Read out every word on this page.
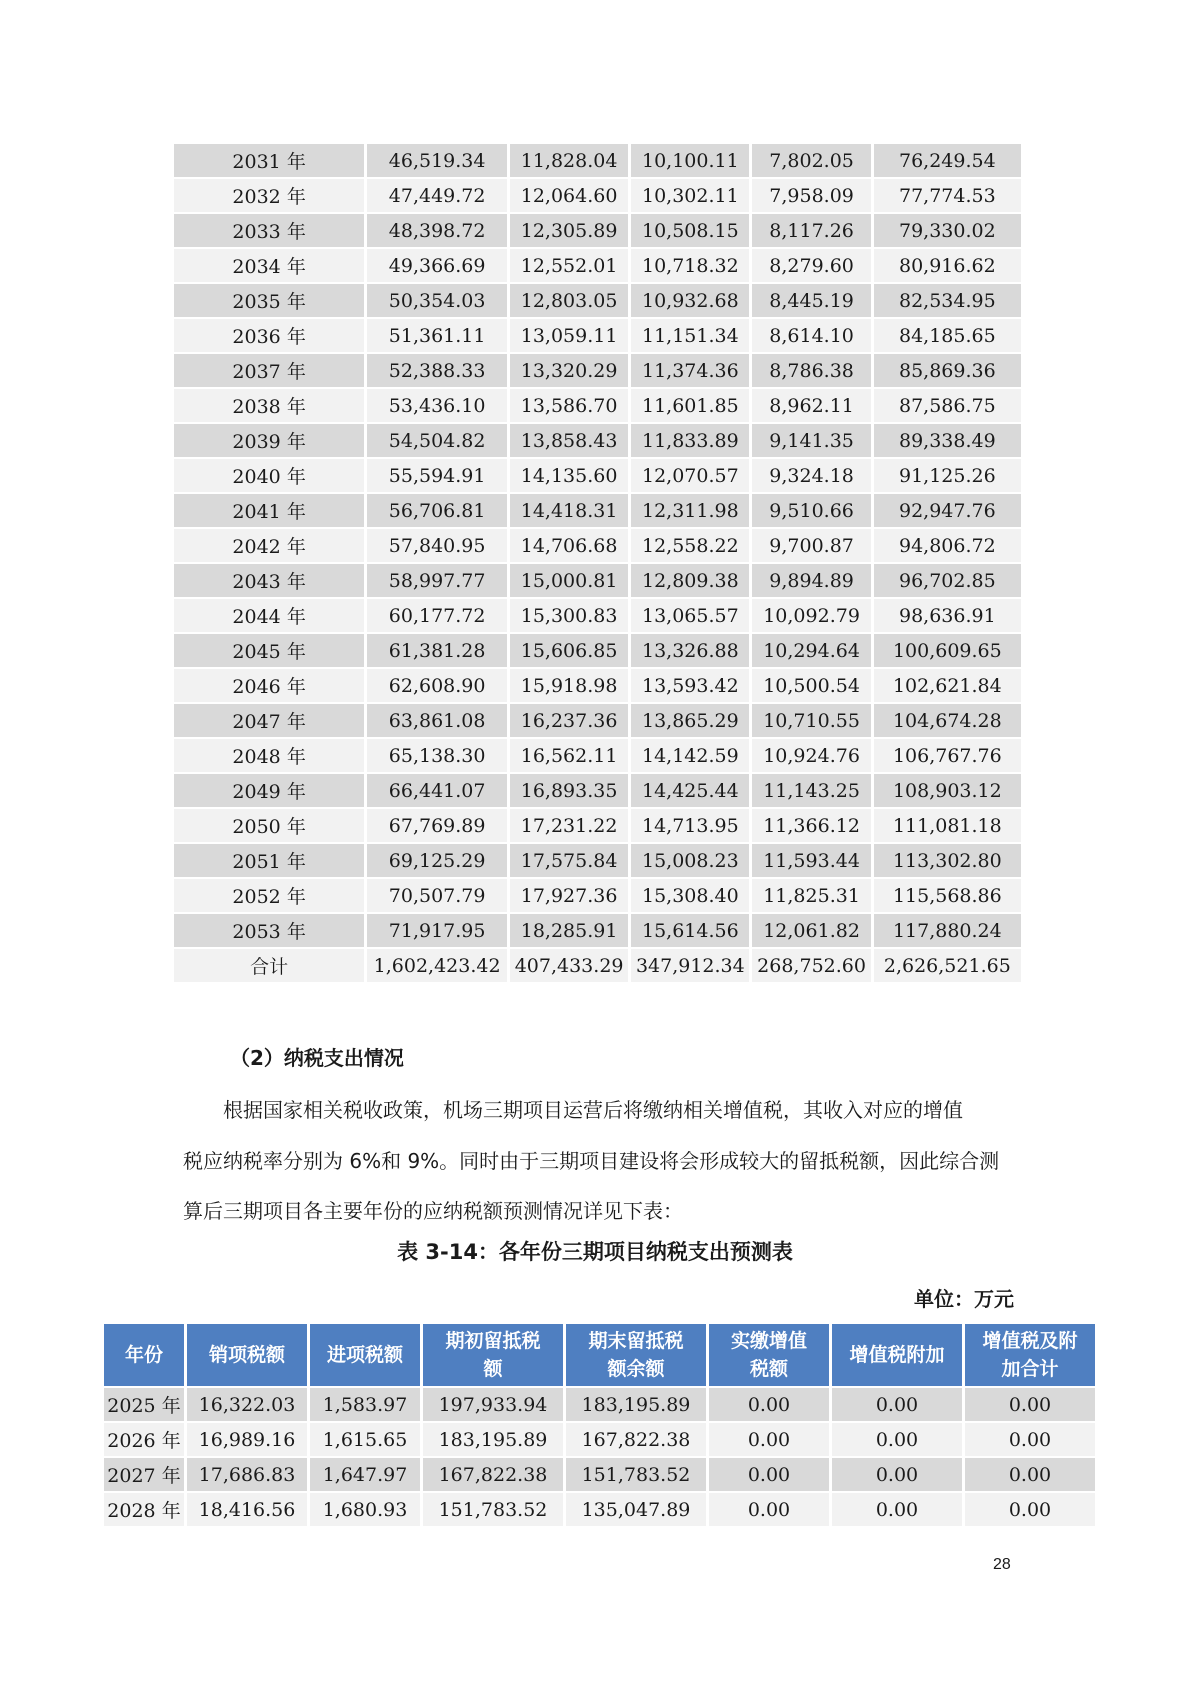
2031 年	46,519.34	11,828.04	10,100.11	7,802.05	76,249.54
2032 年	47,449.72	12,064.60	10,302.11	7,958.09	77,774.53
2033 年	48,398.72	12,305.89	10,508.15	8,117.26	79,330.02
2034 年	49,366.69	12,552.01	10,718.32	8,279.60	80,916.62
2035 年	50,354.03	12,803.05	10,932.68	8,445.19	82,534.95
2036 年	51,361.11	13,059.11	11,151.34	8,614.10	84,185.65
2037 年	52,388.33	13,320.29	11,374.36	8,786.38	85,869.36
2038 年	53,436.10	13,586.70	11,601.85	8,962.11	87,586.75
2039 年	54,504.82	13,858.43	11,833.89	9,141.35	89,338.49
2040 年	55,594.91	14,135.60	12,070.57	9,324.18	91,125.26
2041 年	56,706.81	14,418.31	12,311.98	9,510.66	92,947.76
2042 年	57,840.95	14,706.68	12,558.22	9,700.87	94,806.72
2043 年	58,997.77	15,000.81	12,809.38	9,894.89	96,702.85
2044 年	60,177.72	15,300.83	13,065.57	10,092.79	98,636.91
2045 年	61,381.28	15,606.85	13,326.88	10,294.64	100,609.65
2046 年	62,608.90	15,918.98	13,593.42	10,500.54	102,621.84
2047 年	63,861.08	16,237.36	13,865.29	10,710.55	104,674.28
2048 年	65,138.30	16,562.11	14,142.59	10,924.76	106,767.76
2049 年	66,441.07	16,893.35	14,425.44	11,143.25	108,903.12
2050 年	67,769.89	17,231.22	14,713.95	11,366.12	111,081.18
2051 年	69,125.29	17,575.84	15,008.23	11,593.44	113,302.80
2052 年	70,507.79	17,927.36	15,308.40	11,825.31	115,568.86
2053 年	71,917.95	18,285.91	15,614.56	12,061.82	117,880.24
合计	1,602,423.42	407,433.29	347,912.34	268,752.60	2,626,521.65
（2）纳税支出情况
根据国家相关税收政策，机场三期项目运营后将缴纳相关增值税，其收入对应的增值
税应纳税率分别为 6%和 9%。同时由于三期项目建设将会形成较大的留抵税额，因此综合测
算后三期项目各主要年份的应纳税额预测情况详见下表：
表 3-14：各年份三期项目纳税支出预测表
单位：万元
年份	销项税额	进项税额	期初留抵税
额	期末留抵税
额余额	实缴增值
税额	增值税附加	增值税及附
加合计
2025 年	16,322.03	1,583.97	197,933.94	183,195.89	0.00	0.00	0.00
2026 年	16,989.16	1,615.65	183,195.89	167,822.38	0.00	0.00	0.00
2027 年	17,686.83	1,647.97	167,822.38	151,783.52	0.00	0.00	0.00
2028 年	18,416.56	1,680.93	151,783.52	135,047.89	0.00	0.00	0.00
28
